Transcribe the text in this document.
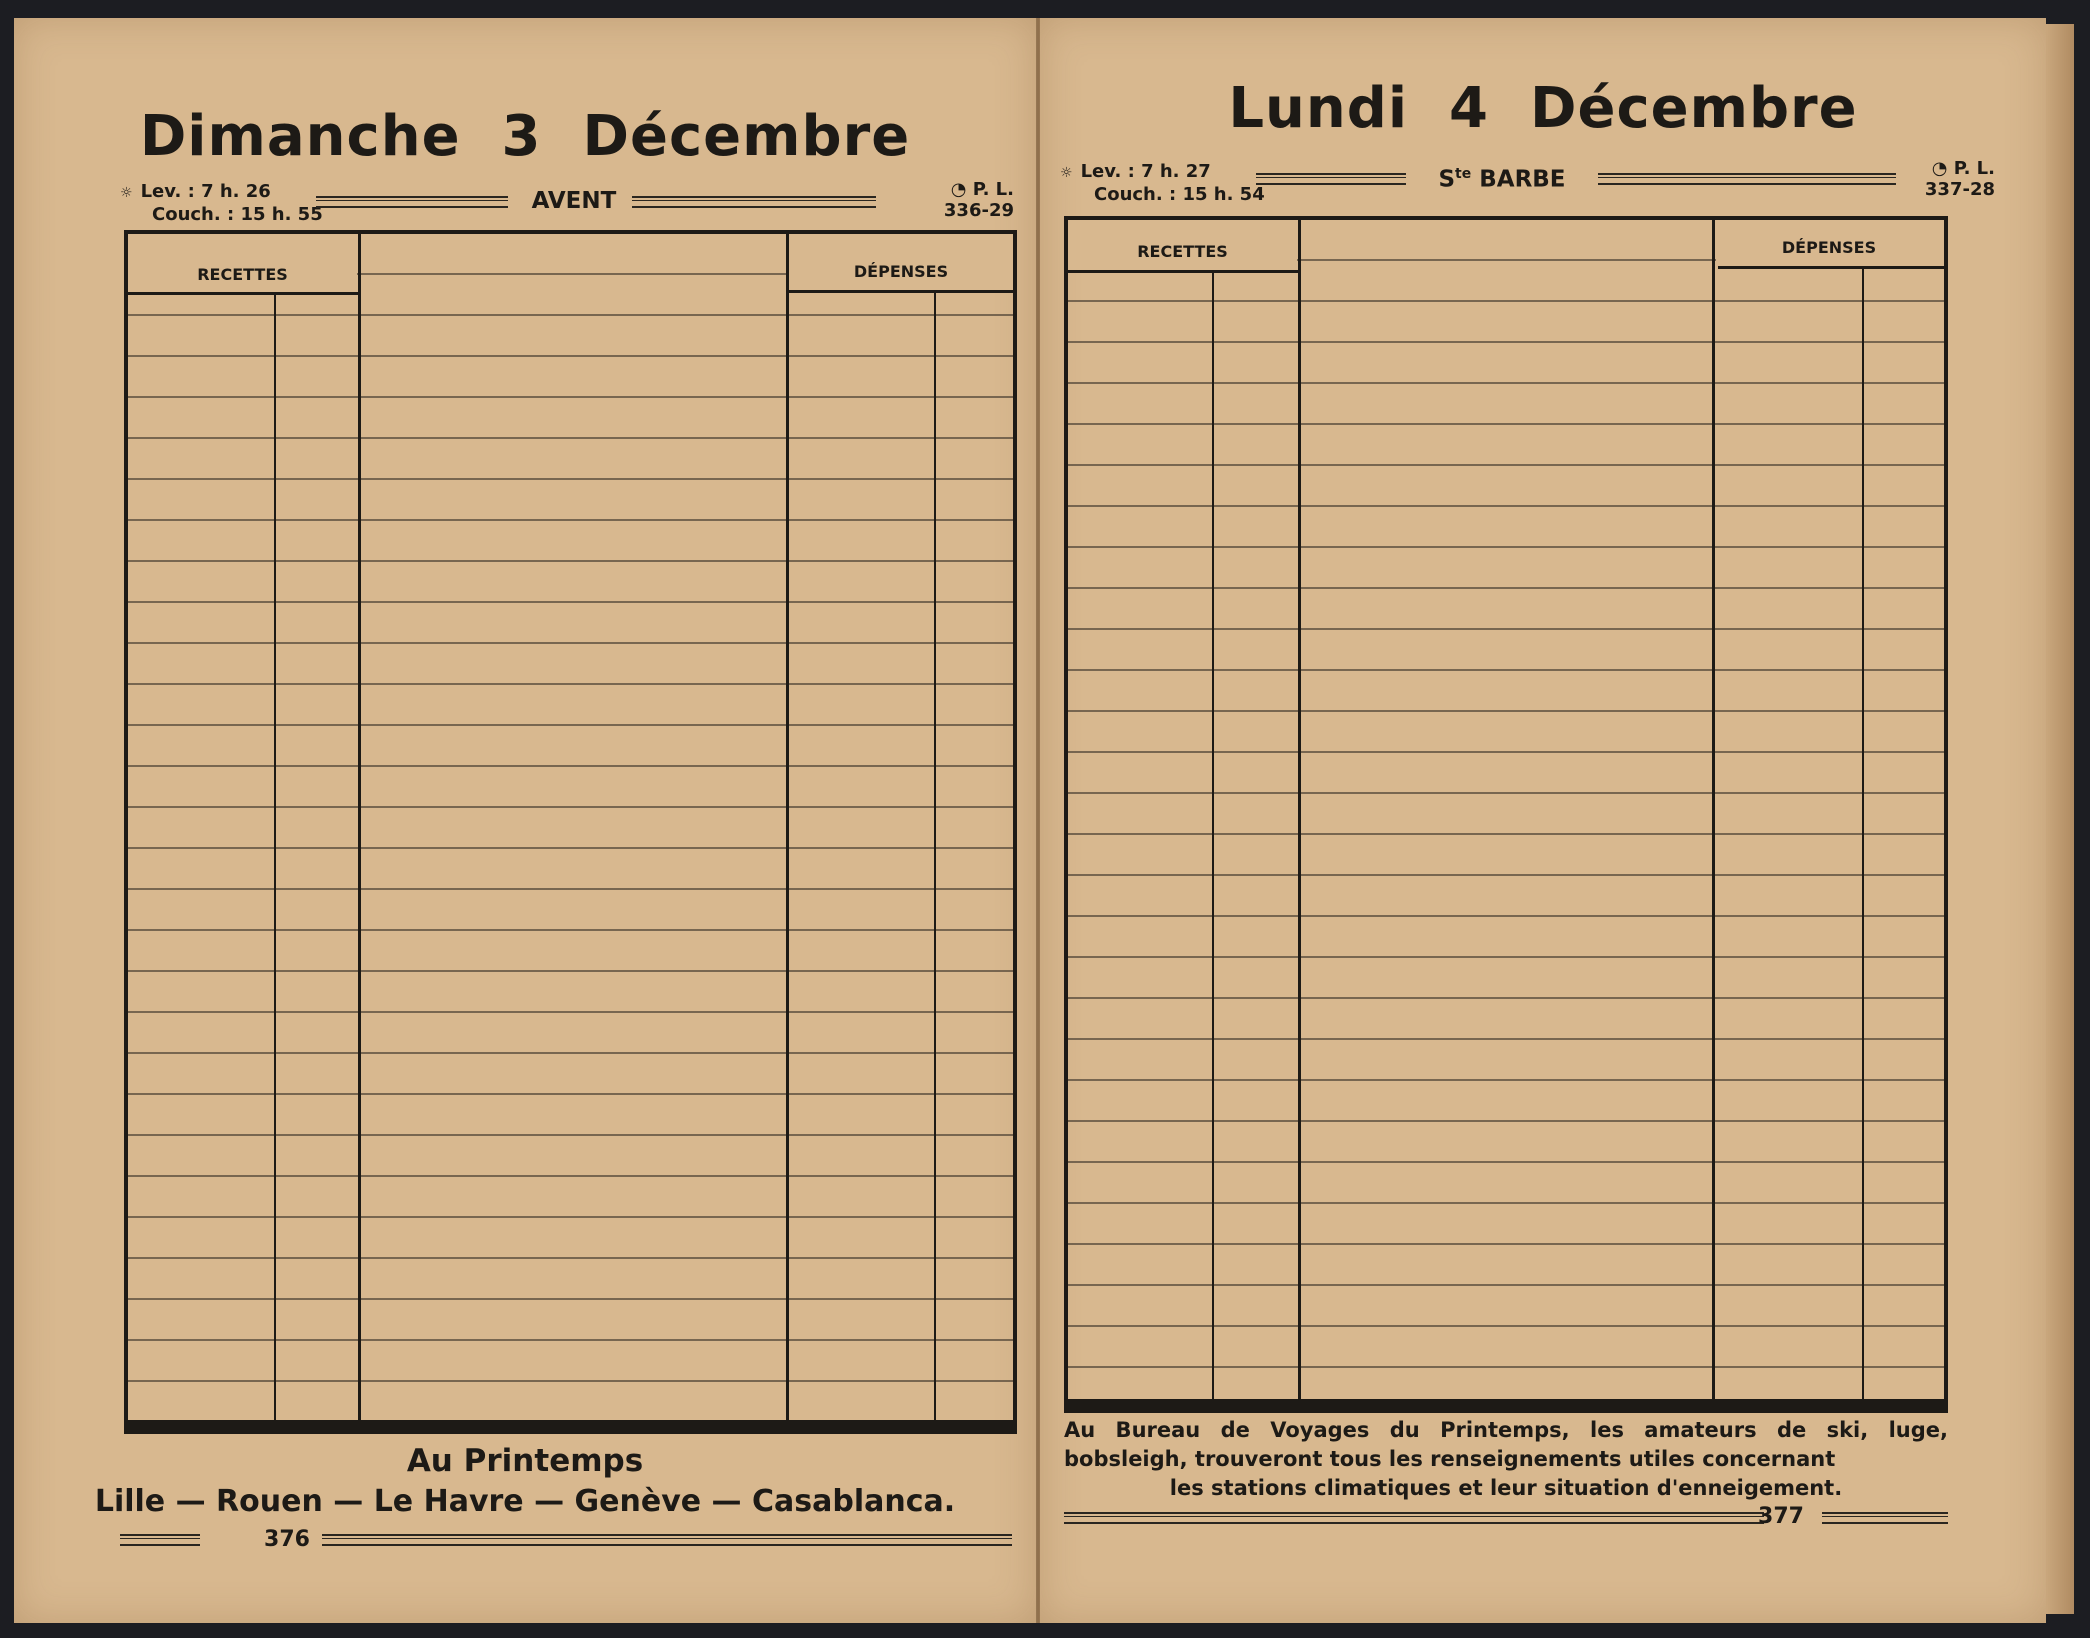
Dimanche  3  Décembre
☼ Lev. : 7 h. 26
Couch. : 15 h. 55
AVENT	◔ P. L.
336-29
RECETTES	DÉPENSES
Au Printemps
Lille — Rouen — Le Havre — Genève — Casablanca.
376
Lundi  4  Décembre
☼ Lev. : 7 h. 27
Couch. : 15 h. 54
$S^{te}$ BARBE	◔ P. L.
337-28
RECETTES	DÉPENSES
Au Bureau de Voyages du Printemps, les amateurs de ski, luge, bobsleigh, trouveront tous les renseignements utiles concernant
les stations climatiques et leur situation d'enneigement.
377
